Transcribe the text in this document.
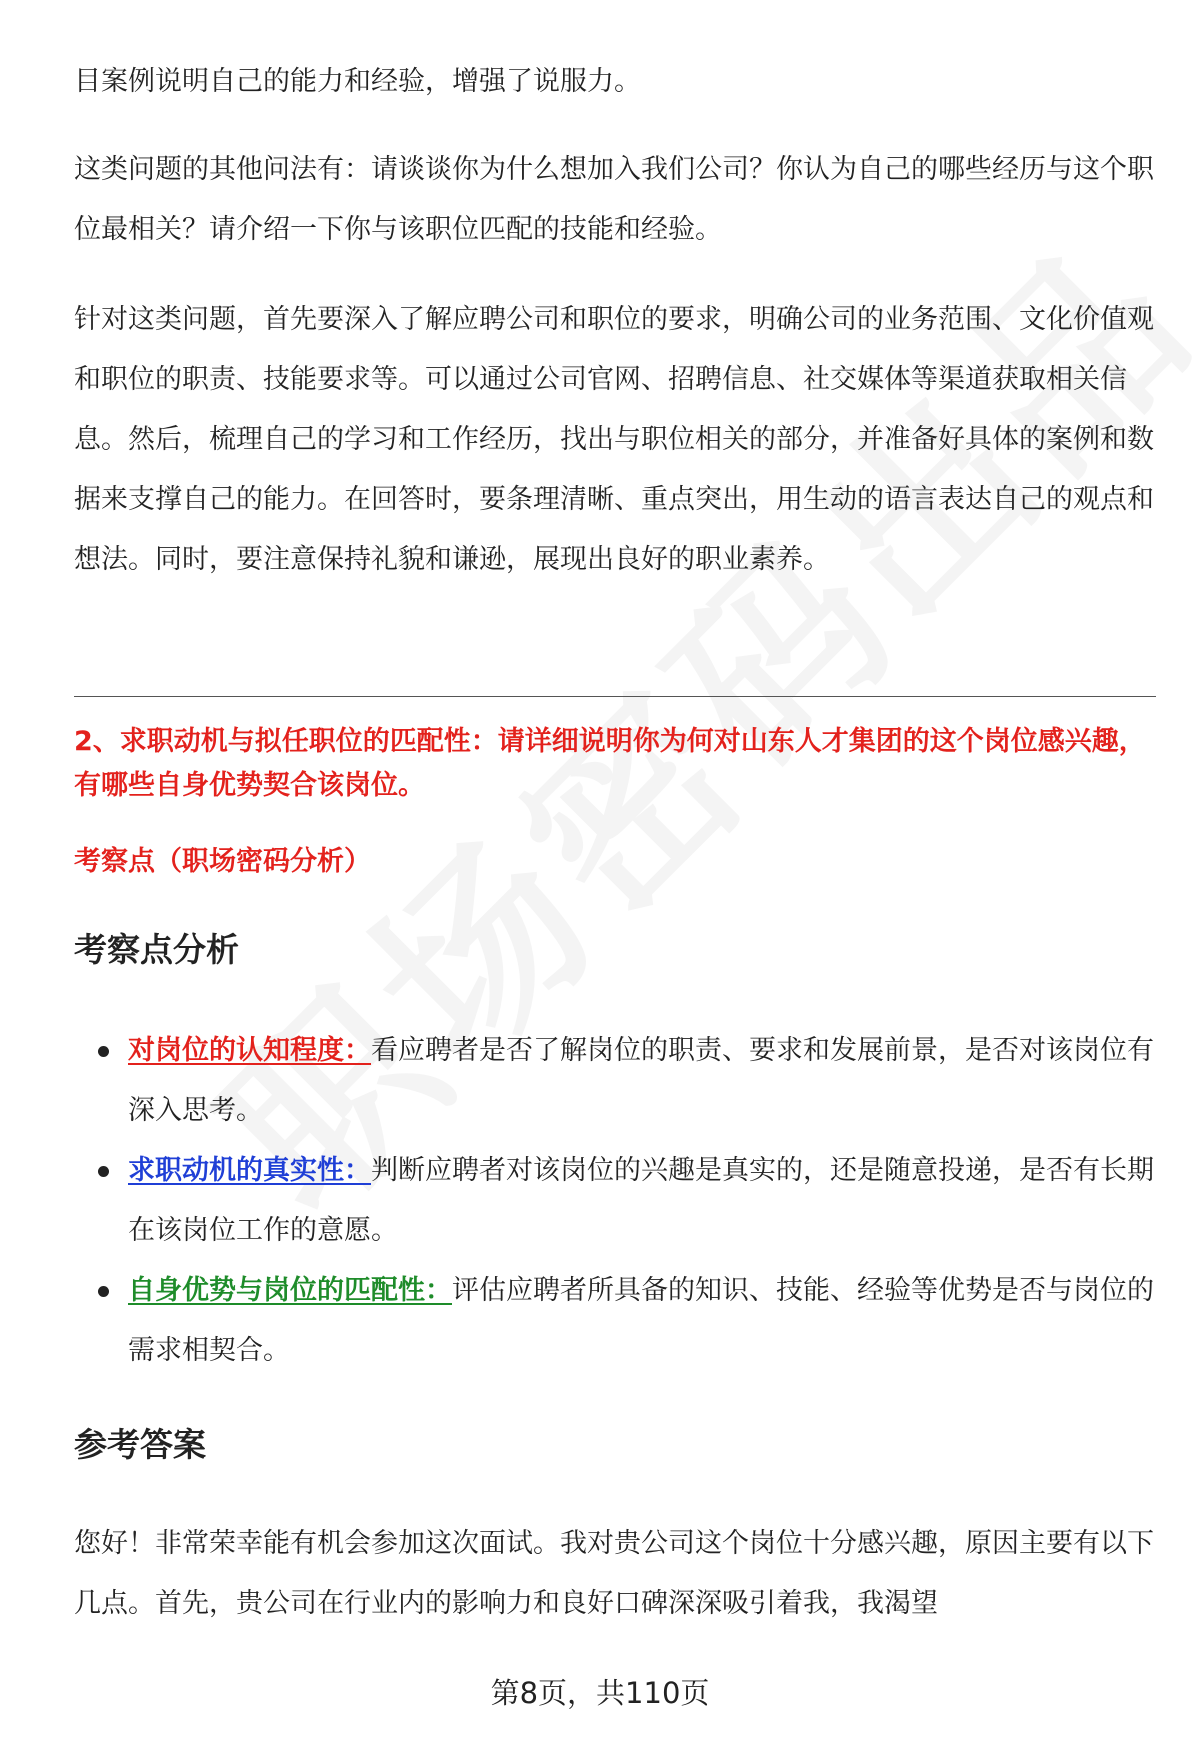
目案例说明自己的能力和经验，增强了说服力。

这类问题的其他问法有：请谈谈你为什么想加入我们公司？你认为自己的哪些经历与这个职位最相关？请介绍一下你与该职位匹配的技能和经验。

针对这类问题，首先要深入了解应聘公司和职位的要求，明确公司的业务范围、文化价值观和职位的职责、技能要求等。可以通过公司官网、招聘信息、社交媒体等渠道获取相关信息。然后，梳理自己的学习和工作经历，找出与职位相关的部分，并准备好具体的案例和数据来支撑自己的能力。在回答时，要条理清晰、重点突出，用生动的语言表达自己的观点和想法。同时，要注意保持礼貌和谦逊，展现出良好的职业素养。

2、求职动机与拟任职位的匹配性：请详细说明你为何对山东人才集团的这个岗位感兴趣，有哪些自身优势契合该岗位。

考察点（职场密码分析）

考察点分析
对岗位的认知程度：看应聘者是否了解岗位的职责、要求和发展前景，是否对该岗位有深入思考。
求职动机的真实性：判断应聘者对该岗位的兴趣是真实的，还是随意投递，是否有长期在该岗位工作的意愿。
自身优势与岗位的匹配性：评估应聘者所具备的知识、技能、经验等优势是否与岗位的需求相契合。
参考答案

您好！非常荣幸能有机会参加这次面试。我对贵公司这个岗位十分感兴趣，原因主要有以下几点。首先，贵公司在行业内的影响力和良好口碑深深吸引着我，我渴望

第8页，共110页
